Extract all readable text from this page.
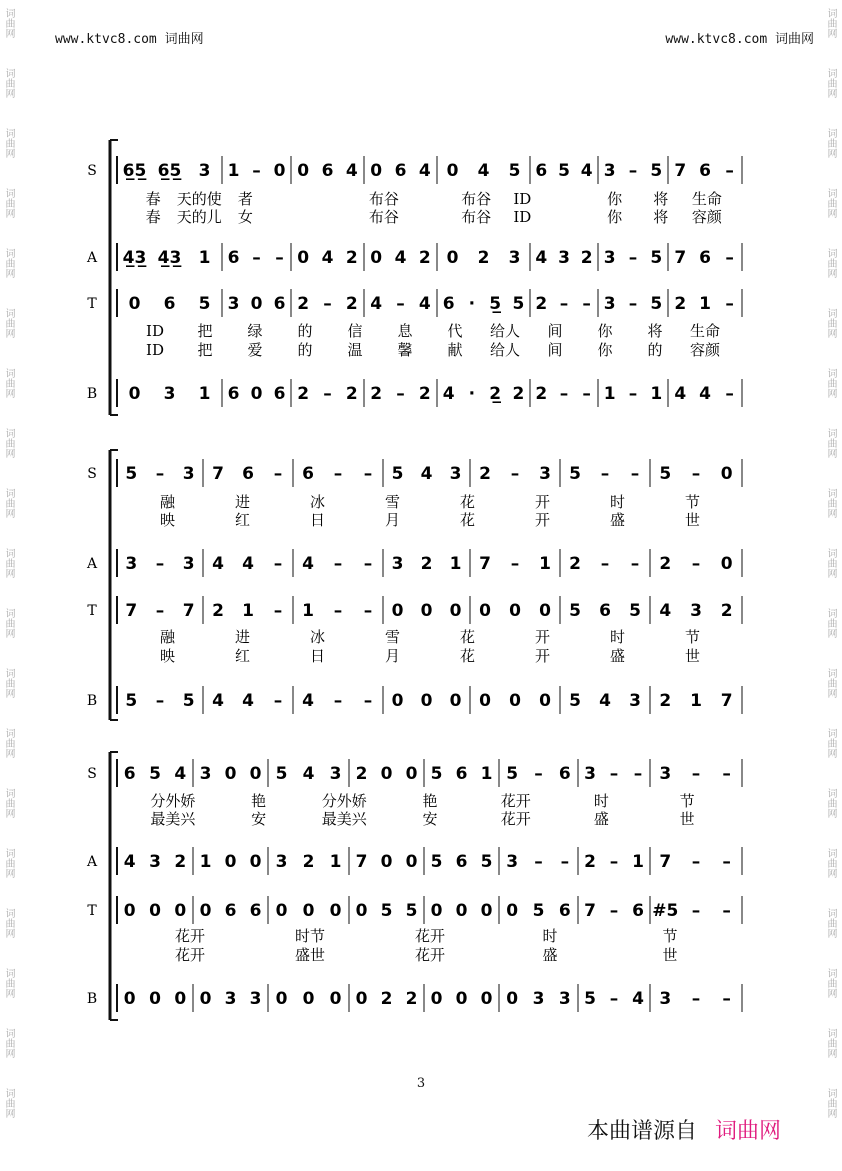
词曲网
词曲网
词曲网
词曲网
词曲网
词曲网
词曲网
词曲网
词曲网
词曲网
词曲网
词曲网
词曲网
词曲网
词曲网
词曲网
词曲网
词曲网
词曲网
词曲网
词曲网
词曲网
词曲网
词曲网
词曲网
词曲网
词曲网
词曲网
词曲网
词曲网
词曲网
词曲网
词曲网
词曲网
词曲网
词曲网
词曲网
词曲网
www.ktvc8.com 词曲网	www.ktvc8.com 词曲网
S 6̲5̲ 6̲5̲ 3 1 – 0 0 6 4 0 6 4 0 4 5 6 5 4 3 – 5 7 6 –
A 4̲3̲ 4̲3̲ 1 6 – – 0 4 2 0 4 2 0 2 3 4 3 2 3 – 5 7 6 –
T 0 6 5 3 0 6 2 – 2 4 – 4 6 · 5̲ 5 2 – – 3 – 5 2 1 –
B 0 3 1 6 0 6 2 – 2 2 – 2 4 · 2̲ 2 2 – – 1 – 1 4 4 –
春 天的使 者	布谷	布谷 ID	你 将 生命
春 天的儿 女	布谷	布谷 ID	你 将 容颜
ID 把 绿 的 信 息 代 给人 间 你 将 生命
ID 把 爱 的 温 馨 献 给人 间 你 的 容颜
S 5 – 3 7 6 – 6 – – 5 4 3 2 – 3 5 – – 5 – 0
A 3 – 3 4 4 – 4 – – 3 2 1 7 – 1 2 – – 2 – 0
T 7 – 7 2 1 – 1 – – 0 0 0 0 0 0 5 6 5 4 3 2
B 5 – 5 4 4 – 4 – – 0 0 0 0 0 0 5 4 3 2 1 7
融	进	冰	雪	花	开	时	节
映	红	日	月	花	开	盛	世
融	进	冰	雪	花	开	时	节
映	红	日	月	花	开	盛	世
S 6 5 4 3 0 0 5 4 3 2 0 0 5 6 1 5 – 6 3 – – 3 – –
A 4 3 2 1 0 0 3 2 1 7 0 0 5 6 5 3 – – 2 – 1 7 – –
T 0 0 0 0 6 6 0 0 0 0 5 5 0 0 0 0 5 6 7 – 6 #5 – –
B 0 0 0 0 3 3 0 0 0 0 2 2 0 0 0 0 3 3 5 – 4 3 – –
分外娇	艳	分外娇	艳	花开	时	节
最美兴	安	最美兴	安	花开	盛	世
花开	时节	花开	时	节
花开	盛世	花开	盛	世
3
本曲谱源自 词曲网
